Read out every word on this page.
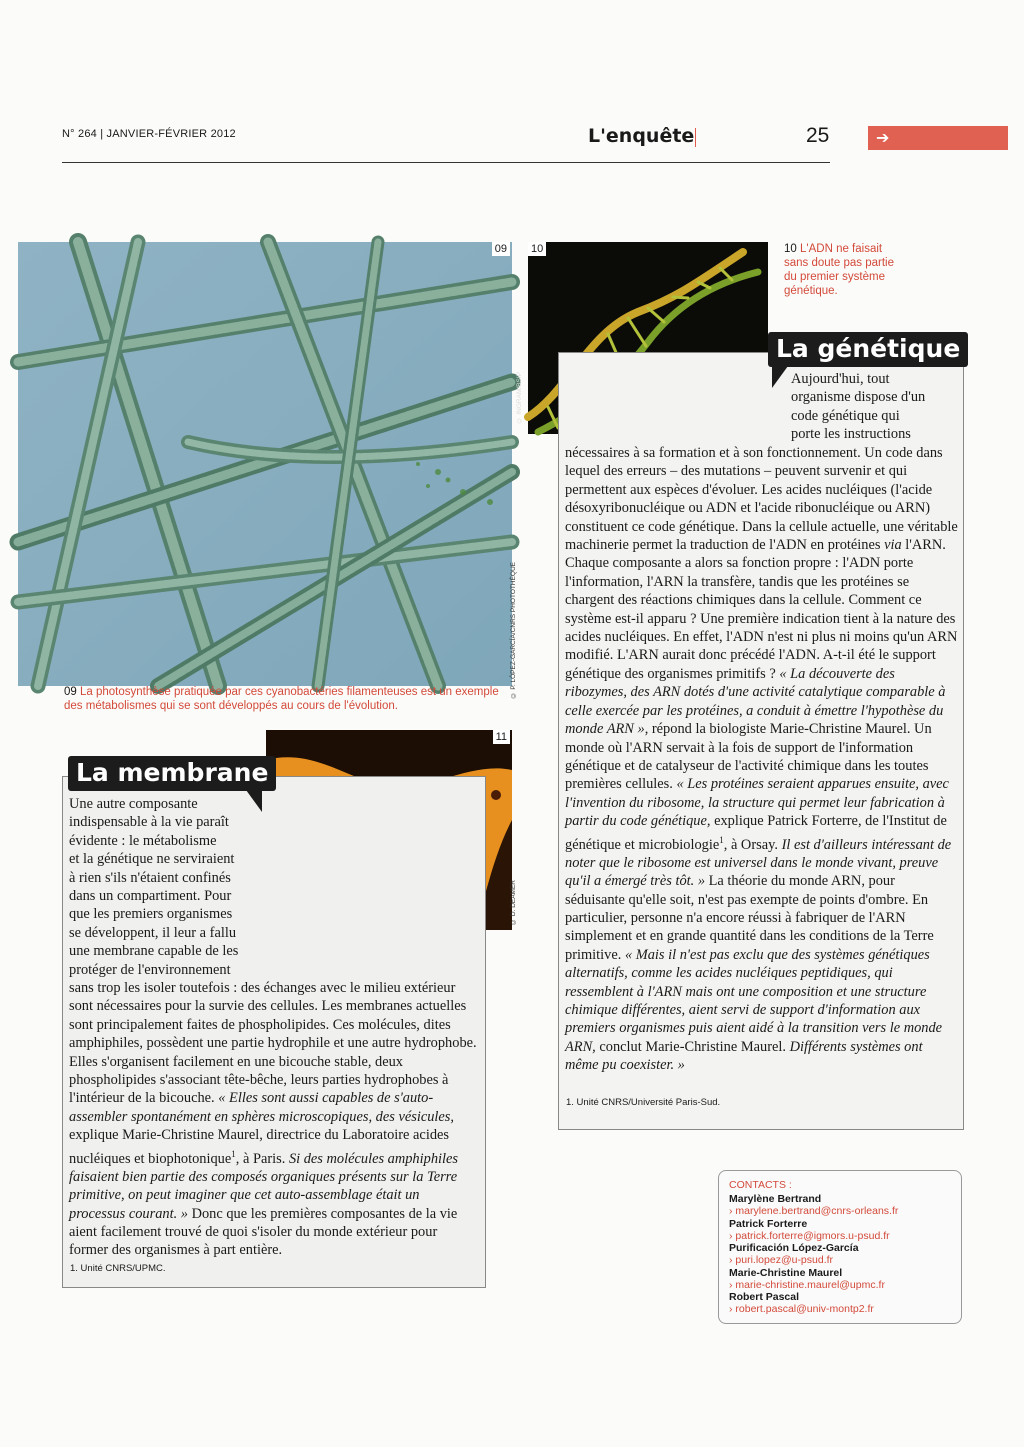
N° 264 | JANVIER-FÉVRIER 2012	L'enquête	25	➔
09
© P. LÓPEZ-GARCÍA/CNRS PHOTOTHÈQUE
09 La photosynthèse pratiquée par ces cyanobactéries filamenteuses est un exemple des métabolismes qui se sont développés au cours de l'évolution.
10
© INGRAM/BSIP
10 L'ADN ne faisait sans doute pas partie du premier système génétique.
La génétique
Aujourd'hui, tout
organisme dispose d'un
code génétique qui
porte les instructions
nécessaires à sa formation et à son fonctionnement. Un code dans lequel des erreurs – des mutations – peuvent survenir et qui permettent aux espèces d'évoluer. Les acides nucléiques (l'acide désoxyribonucléique ou ADN et l'acide ribonucléique ou ARN) constituent ce code génétique. Dans la cellule actuelle, une véritable machinerie permet la traduction de l'ADN en protéines via l'ARN. Chaque composante a alors sa fonction propre : l'ADN porte l'information, l'ARN la transfère, tandis que les protéines se chargent des réactions chimiques dans la cellule. Comment ce système est-il apparu ? Une première indication tient à la nature des acides nucléiques. En effet, l'ADN n'est ni plus ni moins qu'un ARN modifié. L'ARN aurait donc précédé l'ADN. A-t-il été le support génétique des organismes primitifs ? « La découverte des ribozymes, des ARN dotés d'une activité catalytique comparable à celle exercée par les protéines, a conduit à émettre l'hypothèse du monde ARN », répond la biologiste Marie-Christine Maurel. Un monde où l'ARN servait à la fois de support de l'information génétique et de catalyseur de l'activité chimique dans les toutes premières cellules. « Les protéines seraient apparues ensuite, avec l'invention du ribosome, la structure qui permet leur fabrication à partir du code génétique, explique Patrick Forterre, de l'Institut de génétique et microbiologie$^1$, à Orsay. Il est d'ailleurs intéressant de noter que le ribosome est universel dans le monde vivant, preuve qu'il a émergé très tôt. » La théorie du monde ARN, pour séduisante qu'elle soit, n'est pas exempte de points d'ombre. En particulier, personne n'a encore réussi à fabriquer de l'ARN simplement et en grande quantité dans les conditions de la Terre primitive. « Mais il n'est pas exclu que des systèmes génétiques alternatifs, comme les acides nucléiques peptidiques, qui ressemblent à l'ARN mais ont une composition et une structure chimique différentes, aient servi de support d'information aux premiers organismes puis aient aidé à la transition vers le monde ARN, conclut Marie-Christine Maurel. Différents systèmes ont même pu coexister. »
1. Unité CNRS/Université Paris-Sud.
11
© D. DEAMER
La membrane
Une autre composante
indispensable à la vie paraît
évidente : le métabolisme
et la génétique ne serviraient
à rien s'ils n'étaient confinés
dans un compartiment. Pour
que les premiers organismes
se développent, il leur a fallu
une membrane capable de les
protéger de l'environnement
sans trop les isoler toutefois : des échanges avec le milieu extérieur sont nécessaires pour la survie des cellules. Les membranes actuelles sont principalement faites de phospholipides. Ces molécules, dites amphiphiles, possèdent une partie hydrophile et une autre hydrophobe. Elles s'organisent facilement en une bicouche stable, deux phospholipides s'associant tête-bêche, leurs parties hydrophobes à l'intérieur de la bicouche. « Elles sont aussi capables de s'auto-assembler spontanément en sphères microscopiques, des vésicules, explique Marie-Christine Maurel, directrice du Laboratoire acides nucléiques et biophotonique$^1$, à Paris. Si des molécules amphiphiles faisaient bien partie des composés organiques présents sur la Terre primitive, on peut imaginer que cet auto-assemblage était un processus courant. » Donc que les premières composantes de la vie aient facilement trouvé de quoi s'isoler du monde extérieur pour former des organismes à part entière.
1. Unité CNRS/UPMC.
CONTACTS :
Marylène Bertrand
› marylene.bertrand@cnrs-orleans.fr
Patrick Forterre
› patrick.forterre@igmors.u-psud.fr
Purificación López-García
› puri.lopez@u-psud.fr
Marie-Christine Maurel
› marie-christine.maurel@upmc.fr
Robert Pascal
› robert.pascal@univ-montp2.fr
